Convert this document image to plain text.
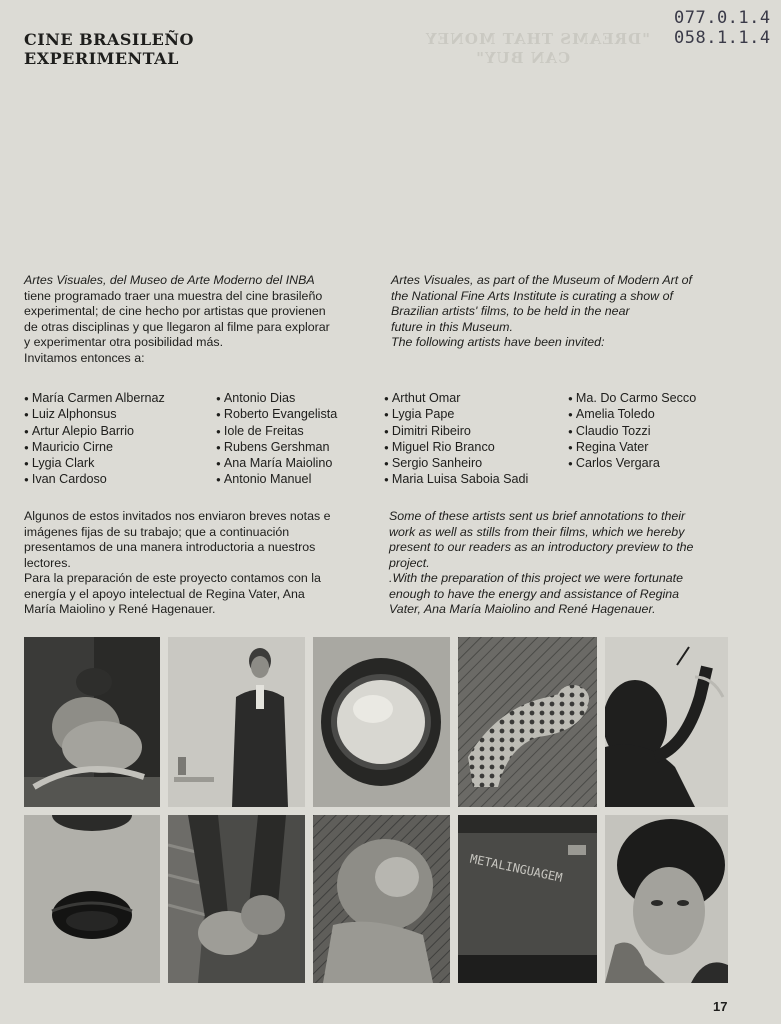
CINE BRASILEÑO
EXPERIMENTAL
"DREAMS THAT MONEY
CAN BUY"
077.0.1.4
058.1.1.4
Artes Visuales, del Museo de Arte Moderno del INBA
tiene programado traer una muestra del cine brasileño
experimental; de cine hecho por artistas que provienen
de otras disciplinas y que llegaron al filme para explorar
y experimentar otra posibilidad más.
Invitamos entonces a:
Artes Visuales, as part of the Museum of Modern Art of
the National Fine Arts Institute is curating a show of
Brazilian artists' films, to be held in the near
future in this Museum.
The following artists have been invited:
● María Carmen Albernaz
● Luiz Alphonsus
● Artur Alepio Barrio
● Mauricio Cirne
● Lygia Clark
● Ivan Cardoso
● Antonio Dias
● Roberto Evangelista
● Iole de Freitas
● Rubens Gershman
● Ana María Maiolino
● Antonio Manuel
● Arthut Omar
● Lygia Pape
● Dimitri Ribeiro
● Miguel Rio Branco
● Sergio Sanheiro
● Maria Luisa Saboia Sadi
● Ma. Do Carmo Secco
● Amelia Toledo
● Claudio Tozzi
● Regina Vater
● Carlos Vergara
Algunos de estos invitados nos enviaron breves notas e
imágenes fijas de su trabajo; que a continuación
presentamos de una manera introductoria a nuestros
lectores.
Para la preparación de este proyecto contamos con la
energía y el apoyo intelectual de Regina Vater, Ana
María Maiolino y René Hagenauer.
Some of these artists sent us brief annotations to their
work as well as stills from their films, which we hereby
present to our readers as an introductory preview to the
project.
.With the preparation of this project we were fortunate
enough to have the energy and assistance of Regina
Vater, Ana María Maiolino and René Hagenauer.
METALINGUAGEM
17
